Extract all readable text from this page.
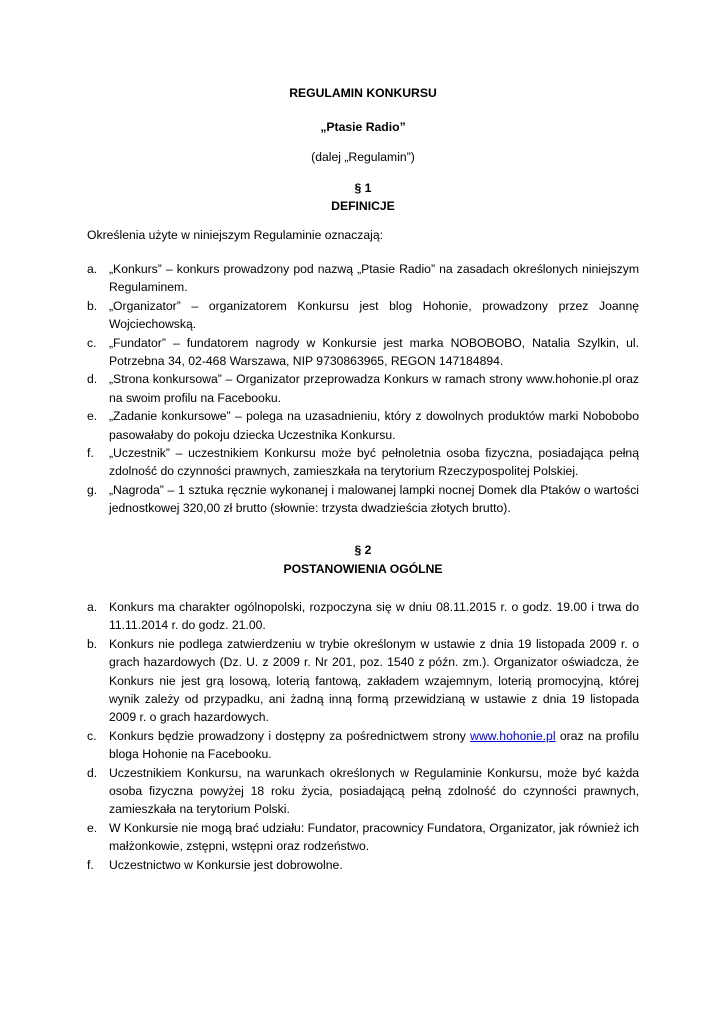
REGULAMIN KONKURSU

„Ptasie Radio”

(dalej „Regulamin”)

§ 1

DEFINICJE

Określenia użyte w niniejszym Regulaminie oznaczają:

a. „Konkurs” – konkurs prowadzony pod nazwą „Ptasie Radio” na zasadach określonych niniejszym Regulaminem.
b. „Organizator” – organizatorem Konkursu jest blog Hohonie, prowadzony przez Joannę Wojciechowską.
c. „Fundator” – fundatorem nagrody w Konkursie jest marka NOBOBOBO, Natalia Szylkin, ul. Potrzebna 34, 02-468 Warszawa, NIP 9730863965, REGON 147184894.
d. „Strona konkursowa” – Organizator przeprowadza Konkurs w ramach strony www.hohonie.pl oraz na swoim profilu na Facebooku.
e. „Zadanie konkursowe” – polega na uzasadnieniu, który z dowolnych produktów marki Nobobobo pasowałaby do pokoju dziecka Uczestnika Konkursu.
f. „Uczestnik” – uczestnikiem Konkursu może być pełnoletnia osoba fizyczna, posiadająca pełną zdolność do czynności prawnych, zamieszkała na terytorium Rzeczypospolitej Polskiej.
g. „Nagroda” – 1 sztuka ręcznie wykonanej i malowanej lampki nocnej Domek dla Ptaków o wartości jednostkowej 320,00 zł brutto (słownie: trzysta dwadzieścia złotych brutto).

§ 2

POSTANOWIENIA OGÓLNE

a. Konkurs ma charakter ogólnopolski, rozpoczyna się w dniu 08.11.2015 r. o godz. 19.00 i trwa do 11.11.2014 r. do godz. 21.00.
b. Konkurs nie podlega zatwierdzeniu w trybie określonym w ustawie z dnia 19 listopada 2009 r. o grach hazardowych (Dz. U. z 2009 r. Nr 201, poz. 1540 z późn. zm.). Organizator oświadcza, że Konkurs nie jest grą losową, loterią fantową, zakładem wzajemnym, loterią promocyjną, której wynik zależy od przypadku, ani żadną inną formą przewidzianą w ustawie z dnia 19 listopada 2009 r. o grach hazardowych.
c. Konkurs będzie prowadzony i dostępny za pośrednictwem strony www.hohonie.pl oraz na profilu bloga Hohonie na Facebooku.
d. Uczestnikiem Konkursu, na warunkach określonych w Regulaminie Konkursu, może być każda osoba fizyczna powyżej 18 roku życia, posiadającą pełną zdolność do czynności prawnych, zamieszkała na terytorium Polski.
e. W Konkursie nie mogą brać udziału: Fundator, pracownicy Fundatora, Organizator, jak również ich małżonkowie, zstępni, wstępni oraz rodzeństwo.
f. Uczestnictwo w Konkursie jest dobrowolne.
